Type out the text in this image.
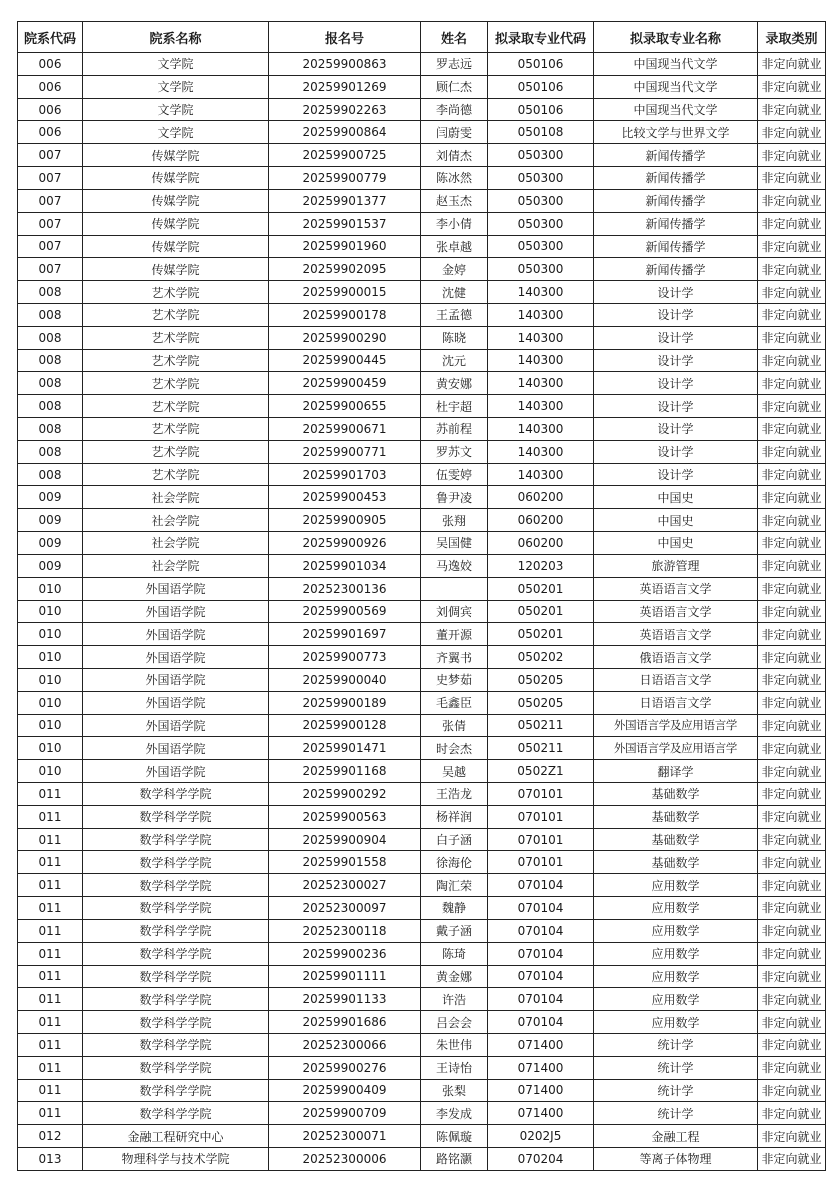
院系代码	院系名称	报名号	姓名	拟录取专业代码	拟录取专业名称	录取类别
006	文学院	20259900863	罗志远	050106	中国现当代文学	非定向就业
006	文学院	20259901269	顾仁杰	050106	中国现当代文学	非定向就业
006	文学院	20259902263	李尚德	050106	中国现当代文学	非定向就业
006	文学院	20259900864	闫蔚雯	050108	比较文学与世界文学	非定向就业
007	传媒学院	20259900725	刘倩杰	050300	新闻传播学	非定向就业
007	传媒学院	20259900779	陈冰然	050300	新闻传播学	非定向就业
007	传媒学院	20259901377	赵玉杰	050300	新闻传播学	非定向就业
007	传媒学院	20259901537	李小倩	050300	新闻传播学	非定向就业
007	传媒学院	20259901960	张卓越	050300	新闻传播学	非定向就业
007	传媒学院	20259902095	金婷	050300	新闻传播学	非定向就业
008	艺术学院	20259900015	沈健	140300	设计学	非定向就业
008	艺术学院	20259900178	王孟德	140300	设计学	非定向就业
008	艺术学院	20259900290	陈晓	140300	设计学	非定向就业
008	艺术学院	20259900445	沈元	140300	设计学	非定向就业
008	艺术学院	20259900459	黄安娜	140300	设计学	非定向就业
008	艺术学院	20259900655	杜宇超	140300	设计学	非定向就业
008	艺术学院	20259900671	苏前程	140300	设计学	非定向就业
008	艺术学院	20259900771	罗苏文	140300	设计学	非定向就业
008	艺术学院	20259901703	伍雯婷	140300	设计学	非定向就业
009	社会学院	20259900453	鲁尹凌	060200	中国史	非定向就业
009	社会学院	20259900905	张翔	060200	中国史	非定向就业
009	社会学院	20259900926	吴国健	060200	中国史	非定向就业
009	社会学院	20259901034	马逸姣	120203	旅游管理	非定向就业
010	外国语学院	20252300136		050201	英语语言文学	非定向就业
010	外国语学院	20259900569	刘倜宾	050201	英语语言文学	非定向就业
010	外国语学院	20259901697	董开源	050201	英语语言文学	非定向就业
010	外国语学院	20259900773	齐翼书	050202	俄语语言文学	非定向就业
010	外国语学院	20259900040	史梦茹	050205	日语语言文学	非定向就业
010	外国语学院	20259900189	毛鑫臣	050205	日语语言文学	非定向就业
010	外国语学院	20259900128	张倩	050211	外国语言学及应用语言学	非定向就业
010	外国语学院	20259901471	时会杰	050211	外国语言学及应用语言学	非定向就业
010	外国语学院	20259901168	吴越	0502Z1	翻译学	非定向就业
011	数学科学学院	20259900292	王浩龙	070101	基础数学	非定向就业
011	数学科学学院	20259900563	杨祥润	070101	基础数学	非定向就业
011	数学科学学院	20259900904	白子涵	070101	基础数学	非定向就业
011	数学科学学院	20259901558	徐海伦	070101	基础数学	非定向就业
011	数学科学学院	20252300027	陶汇荣	070104	应用数学	非定向就业
011	数学科学学院	20252300097	魏静	070104	应用数学	非定向就业
011	数学科学学院	20252300118	戴子涵	070104	应用数学	非定向就业
011	数学科学学院	20259900236	陈琦	070104	应用数学	非定向就业
011	数学科学学院	20259901111	黄金娜	070104	应用数学	非定向就业
011	数学科学学院	20259901133	许浩	070104	应用数学	非定向就业
011	数学科学学院	20259901686	吕会会	070104	应用数学	非定向就业
011	数学科学学院	20252300066	朱世伟	071400	统计学	非定向就业
011	数学科学学院	20259900276	王诗怡	071400	统计学	非定向就业
011	数学科学学院	20259900409	张梨	071400	统计学	非定向就业
011	数学科学学院	20259900709	李发成	071400	统计学	非定向就业
012	金融工程研究中心	20252300071	陈佩璇	0202J5	金融工程	非定向就业
013	物理科学与技术学院	20252300006	路铭灏	070204	等离子体物理	非定向就业
